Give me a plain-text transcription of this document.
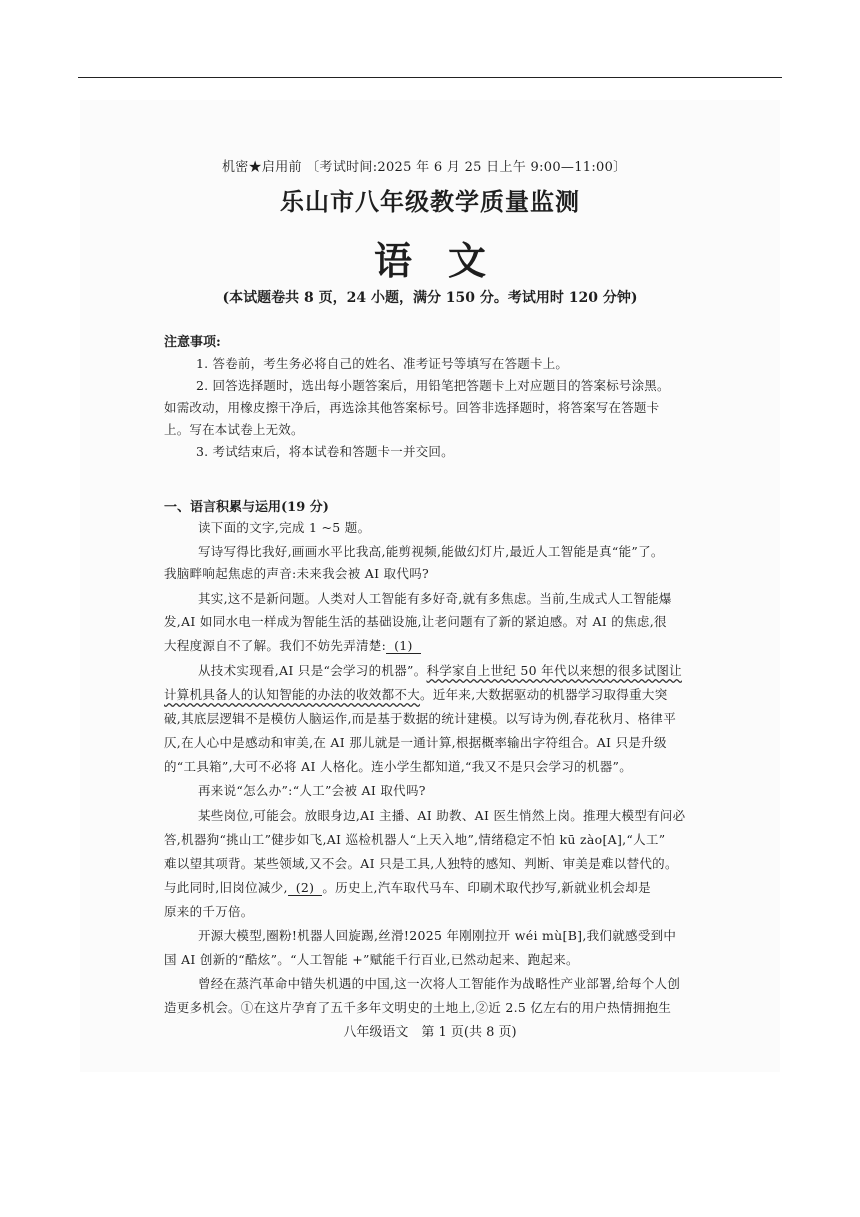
机密★启用前 〔考试时间:2025 年 6 月 25 日上午 9:00—11:00〕
乐山市八年级教学质量监测
语文
(本试题卷共 8 页，24 小题，满分 150 分。考试用时 120 分钟)
注意事项:
1. 答卷前，考生务必将自己的姓名、准考证号等填写在答题卡上。
2. 回答选择题时，选出每小题答案后，用铅笔把答题卡上对应题目的答案标号涂黑。
如需改动，用橡皮擦干净后，再选涂其他答案标号。回答非选择题时，将答案写在答题卡
上。写在本试卷上无效。
3. 考试结束后，将本试卷和答题卡一并交回。
一、语言积累与运用(19 分)
读下面的文字,完成 1 ~5 题。
写诗写得比我好,画画水平比我高,能剪视频,能做幻灯片,最近人工智能是真“能”了。
我脑畔响起焦虑的声音:未来我会被 AI 取代吗?
其实,这不是新问题。人类对人工智能有多好奇,就有多焦虑。当前,生成式人工智能爆
发,AI 如同水电一样成为智能生活的基础设施,让老问题有了新的紧迫感。对 AI 的焦虑,很
大程度源自不了解。我们不妨先弄清楚: (1)
从技术实现看,AI 只是“会学习的机器”。科学家自上世纪 50 年代以来想的很多试图让
计算机具备人的认知智能的办法的收效都不大。近年来,大数据驱动的机器学习取得重大突
破,其底层逻辑不是模仿人脑运作,而是基于数据的统计建模。以写诗为例,春花秋月、格律平
仄,在人心中是感动和审美,在 AI 那儿就是一通计算,根据概率输出字符组合。AI 只是升级
的“工具箱”,大可不必将 AI 人格化。连小学生都知道,“我又不是只会学习的机器”。
再来说“怎么办”:“人工”会被 AI 取代吗?
某些岗位,可能会。放眼身边,AI 主播、AI 助教、AI 医生悄然上岗。推理大模型有问必
答,机器狗“挑山工”健步如飞,AI 巡检机器人“上天入地”,情绪稳定不怕 kū zào[A],“人工”
难以望其项背。某些领域,又不会。AI 只是工具,人独特的感知、判断、审美是难以替代的。
与此同时,旧岗位减少, (2) 。历史上,汽车取代马车、印刷术取代抄写,新就业机会却是
原来的千万倍。
开源大模型,圈粉!机器人回旋踢,丝滑!2025 年刚刚拉开 wéi mù[B],我们就感受到中
国 AI 创新的“酷炫”。“人工智能 +”赋能千行百业,已然动起来、跑起来。
曾经在蒸汽革命中错失机遇的中国,这一次将人工智能作为战略性产业部署,给每个人创
造更多机会。①在这片孕育了五千多年文明史的土地上,②近 2.5 亿左右的用户热情拥抱生
八年级语文　第 1 页(共 8 页)
